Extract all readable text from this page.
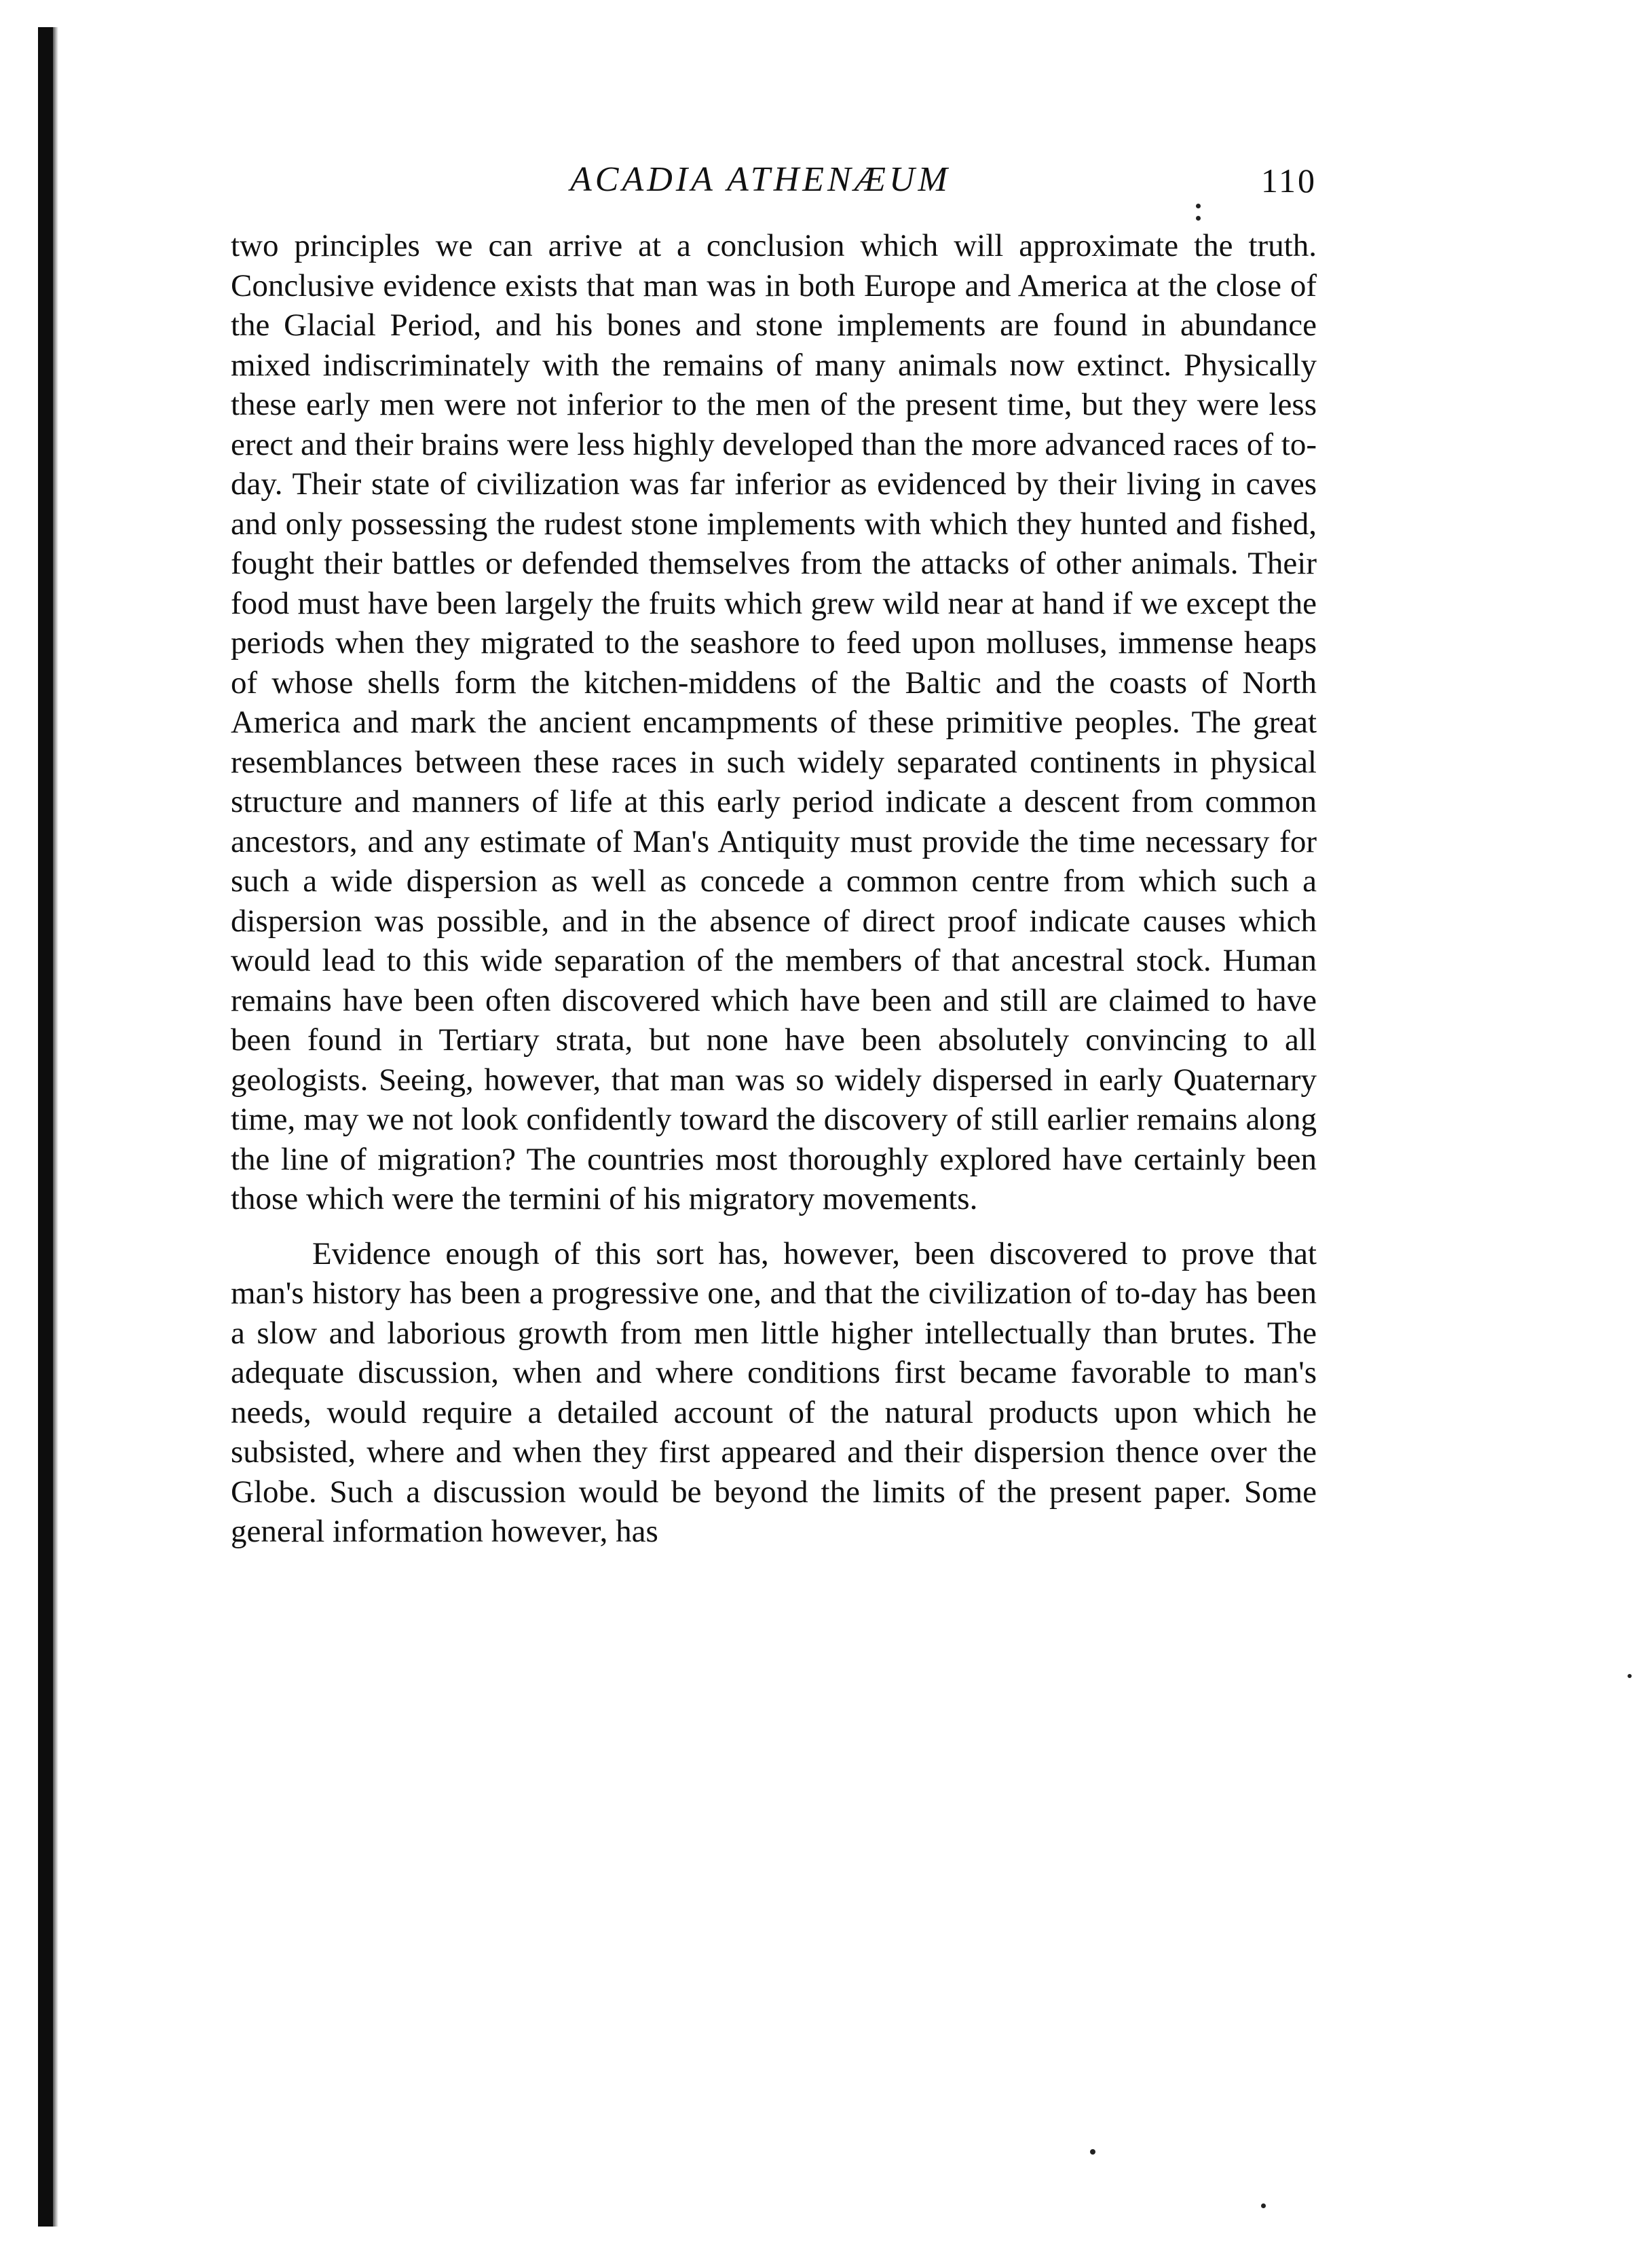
ACADIA ATHENÆUM	110

two principles we can arrive at a conclusion which will approximate the truth. Conclusive evidence exists that man was in both Europe and America at the close of the Glacial Period, and his bones and stone implements are found in abundance mixed indiscriminately with the remains of many animals now extinct. Physically these early men were not inferior to the men of the present time, but they were less erect and their brains were less highly developed than the more advanced races of to-day. Their state of civilization was far inferior as evidenced by their living in caves and only possessing the rudest stone implements with which they hunted and fished, fought their battles or defended themselves from the attacks of other animals. Their food must have been largely the fruits which grew wild near at hand if we except the periods when they migrated to the seashore to feed upon molluses, immense heaps of whose shells form the kitchen-middens of the Baltic and the coasts of North America and mark the ancient encampments of these primitive peoples. The great resemblances between these races in such widely separated continents in physical structure and manners of life at this early period indicate a descent from common ancestors, and any estimate of Man's Antiquity must provide the time necessary for such a wide dispersion as well as concede a common centre from which such a dispersion was possible, and in the absence of direct proof indicate causes which would lead to this wide separation of the members of that ancestral stock. Human remains have been often discovered which have been and still are claimed to have been found in Tertiary strata, but none have been absolutely convincing to all geologists. Seeing, however, that man was so widely dispersed in early Quaternary time, may we not look confidently toward the discovery of still earlier remains along the line of migration? The countries most thoroughly explored have certainly been those which were the termini of his migratory movements.

Evidence enough of this sort has, however, been discovered to prove that man's history has been a progressive one, and that the civilization of to-day has been a slow and laborious growth from men little higher intellectually than brutes. The adequate discussion, when and where conditions first became favorable to man's needs, would require a detailed account of the natural products upon which he subsisted, where and when they first appeared and their dispersion thence over the Globe. Such a discussion would be beyond the limits of the present paper. Some general information however, has
